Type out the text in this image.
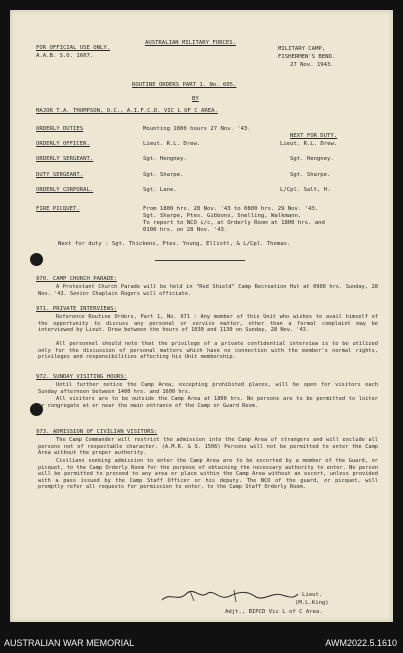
FOR OFFICIAL USE ONLY.
A.A.B. S.O. 1607.
AUSTRALIAN MILITARY FORCES.
MILITARY CAMP,
FISHERMEN'S BEND.
27 Nov. 1943.
ROUTINE ORDERS PART 1. No. 605.
BY
MAJOR T.A. THOMPSON, O.C., A.I.F.C.D. VIC L OF C AREA.
ORDERLY DUTIES	Mounting 1800 hours 27 Nov. '43.
NEXT FOR DUTY.
ORDERLY OFFICER.	Lieut. R.L. Drew.	Lieut. R.L. Drew.
ORDERLY SERGEANT.	Sgt. Hengney.	Sgt. Hengney.
DUTY SERGEANT.	Sgt. Sharpe.	Sgt. Sharpe.
ORDERLY CORPORAL.	Sgt. Lane.	L/Cpl. Salt, H.
FIRE PICQUET.	From 1800 hrs. 28 Nov. '43 to 0800 hrs. 29 Nov. '43.
Sgt. Sharpe, Ptes. Gibbons, Snelling, Walkmann.
To report to NCO i/c, at Orderly Room at 1800 hrs. and
0100 hrs. on 28 Nov. '43.
Next for duty : Sgt. Thickens, Ptes. Young, Elliott, & L/Cpl. Thomas.
970. CAMP CHURCH PARADE:
A Protestant Church Parade will be held in "Red Shield" Camp Recreation Hut at 0900 hrs. Sunday, 28 Nov. '43. Senior Chaplain Rogers will officiate.
971. PRIVATE INTERVIEWS:
Reference Routine Orders, Part 1, No. 971 : Any member of this Unit who wishes to avail himself of the opportunity to discuss any personal or service matter, other than a formal complaint may be interviewed by Lieut. Drew between the hours of 1030 and 1130 on Sunday, 28 Nov. '43.
All personnel should note that the privilege of a private confidential interview is to be utilized only for the discussion of personal matters which have no connection with the member's normal rights, privileges and responsibilities affecting his Unit membership.
972. SUNDAY VISITING HOURS:
Until further notice the Camp Area, excepting prohibited places, will be open for visitors each Sunday afternoon between 1400 hrs. and 1600 hrs.
All visitors are to be outside the Camp Area at 1800 hrs. No persons are to be permitted to loiter or congregate at or near the main entrance of the Camp or Guard Room.
973. ADMISSION OF CIVILIAN VISITORS:
The Camp Commander will restrict the admission into the Camp Area of strangers and will exclude all persons not of respectable character. (A.M.R. & O. 1506) Persons will not be permitted to enter the Camp Area without the proper authority.
Civilians seeking admission to enter the Camp Area are to be escorted by a member of the Guard, or picquet, to the Camp Orderly Room for the purpose of obtaining the necessary authority to enter. No person will be permitted to proceed to any area or place within the Camp Area without an escort, unless provided with a pass issued by the Camp Staff Officer or his deputy. The NCO of the guard, or picquet, will promptly refer all requests for permission to enter, to the Camp Staff Orderly Room.
Lieut.
(M.L.King)
Adjt., BIPCD Vic L of C Area.
AUSTRALIAN WAR MEMORIAL	AWM2022.5.1610
